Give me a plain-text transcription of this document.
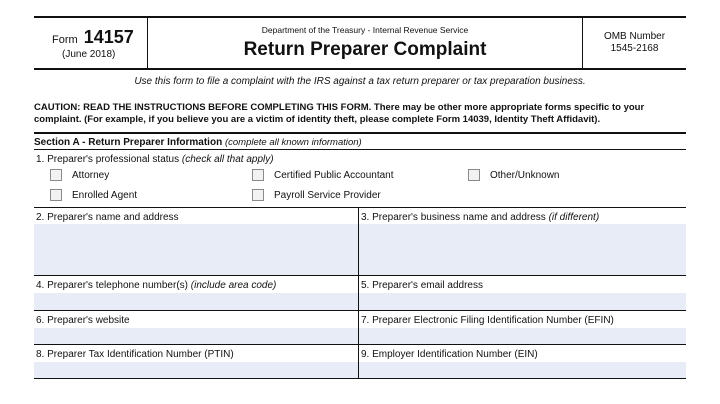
Form 14157
(June 2018)
Department of the Treasury - Internal Revenue Service
Return Preparer Complaint
OMB Number
1545-2168
Use this form to file a complaint with the IRS against a tax return preparer or tax preparation business.
CAUTION: READ THE INSTRUCTIONS BEFORE COMPLETING THIS FORM. There may be other more appropriate forms specific to your complaint. (For example, if you believe you are a victim of identity theft, please complete Form 14039, Identity Theft Affidavit).
Section A - Return Preparer Information (complete all known information)
1. Preparer's professional status (check all that apply)
Attorney	Certified Public Accountant	Other/Unknown
Enrolled Agent	Payroll Service Provider
2. Preparer's name and address	3. Preparer's business name and address (if different)
4. Preparer's telephone number(s) (include area code)	5. Preparer's email address
6. Preparer's website	7. Preparer Electronic Filing Identification Number (EFIN)
8. Preparer Tax Identification Number (PTIN)	9. Employer Identification Number (EIN)
